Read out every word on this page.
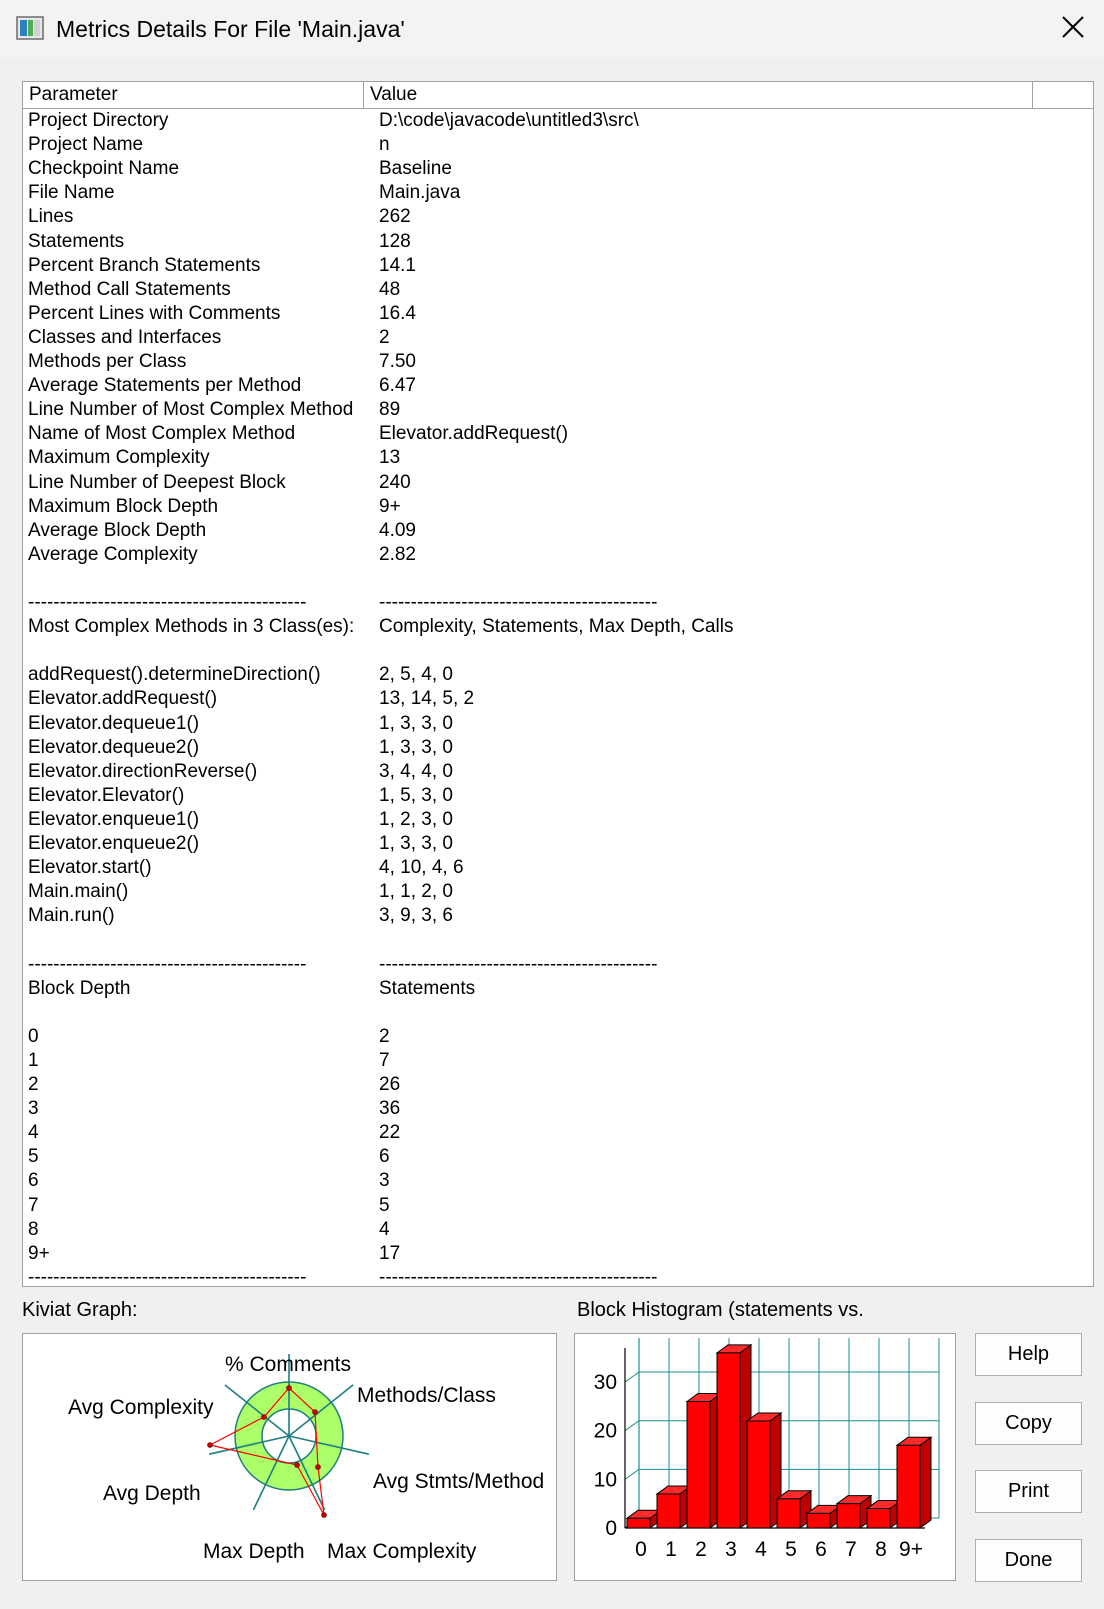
Metrics Details For File 'Main.java'
Parameter	Value
Project Directory	D:\code\javacode\untitled3\src\
Project Name	n
Checkpoint Name	Baseline
File Name	Main.java
Lines	262
Statements	128
Percent Branch Statements	14.1
Method Call Statements	48
Percent Lines with Comments	16.4
Classes and Interfaces	2
Methods per Class	7.50
Average Statements per Method	6.47
Line Number of Most Complex Method 89
Name of Most Complex Method	Elevator.addRequest()
Maximum Complexity	13
Line Number of Deepest Block	240
Maximum Block Depth	9+
Average Block Depth	4.09
Average Complexity	2.82
--------------------------------------------	--------------------------------------------
Most Complex Methods in 3 Class(es): Complexity, Statements, Max Depth, Calls
addRequest().determineDirection()	2, 5, 4, 0
Elevator.addRequest()	13, 14, 5, 2
Elevator.dequeue1()	1, 3, 3, 0
Elevator.dequeue2()	1, 3, 3, 0
Elevator.directionReverse()	3, 4, 4, 0
Elevator.Elevator()	1, 5, 3, 0
Elevator.enqueue1()	1, 2, 3, 0
Elevator.enqueue2()	1, 3, 3, 0
Elevator.start()	4, 10, 4, 6
Main.main()	1, 1, 2, 0
Main.run()	3, 9, 3, 6
--------------------------------------------	--------------------------------------------
Block Depth	Statements
0	2
1	7
2	26
3	36
4	22
5	6
6	3
7	5
8	4
9+	17
--------------------------------------------	--------------------------------------------
Kiviat Graph:
% Comments
Methods/Class
Avg Stmts/Method
Max Complexity
Max Depth
Avg Depth
Avg Complexity
Block Histogram (statements vs.
0
10
20
30
0 1 2 3 4 5 6 7 8 9+
Help
Copy
Print
Done
